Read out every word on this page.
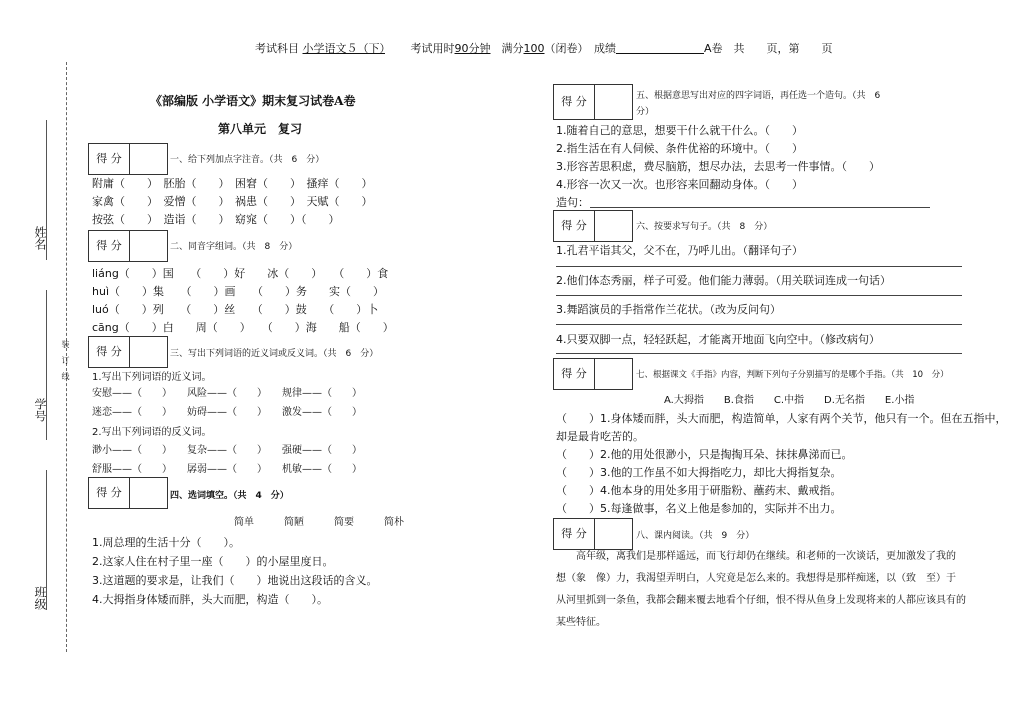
考试科目 小学语文５（下）　　 考试用时90分钟　 满分100（闭卷）　 成绩　　　　　　　　	A卷　共　　页，第　　页
姓名
学号
装　订　线
班级
《部编版 小学语文》期末复习试卷A卷
第八单元　复习
得 分	一、给下列加点字注音。（共　6　分）
附庸（　　）　胚胎（　　）　困窘（　　）　搔痒（　　）
家禽（　　）　爱憎（　　）　祸患（　　）　天赋（　　）
按弦（　　）　造诣（　　）　窈窕（　　）（　　）
得 分	二、同音字组词。（共　8　分）
liáng（　　）国　　（　　）好　　冰（　　）　　（　　）食
huì（　　）集　　（　　）画　　（　　）务　　实（　　）
luó（　　）列　　（　　）丝　　（　　）鼓　　（　　）卜
cāng（　　）白　　周（　　）　　（　　）海　　船（　　）
得 分	三、写出下列词语的近义词或反义词。（共　6　分）
1.写出下列词语的近义词。
安慰——（　　）　　风险——（　　）　　规律——（　　）
迷恋——（　　）　　妨碍——（　　）　　激发——（　　）
2.写出下列词语的反义词。
渺小——（　　）　　复杂——（　　）　　强硬——（　　）
舒服——（　　）　　孱弱——（　　）　　机敏——（　　）
得 分	四、选词填空。（共　4　分）
简单　　　简陋　　　简要　　　简朴
1.周总理的生活十分（　　）。
2.这家人住在村子里一座（　　）的小屋里度日。
3.这道题的要求是，让我们（　　）地说出这段话的含义。
4.大拇指身体矮而胖，头大而肥，构造（　　）。
得 分	五、根据意思写出对应的四字词语，再任选一个造句。（共　6
分）
1.随着自己的意思，想要干什么就干什么。（　　）
2.指生活在有人伺候、条件优裕的环境中。（　　）
3.形容苦思积虑，费尽脑筋，想尽办法，去思考一件事情。（　　）
4.形容一次又一次。也形容来回翻动身体。（　　）
造句：
得 分	六、按要求写句子。（共　8　分）
1.孔君平诣其父，父不在，乃呼儿出。（翻译句子）
2.他们体态秀丽，样子可爱。他们能力薄弱。（用关联词连成一句话）
3.舞蹈演员的手指常作兰花状。（改为反问句）
4.只要双脚一点，轻轻跃起，才能离开地面飞向空中。（修改病句）
得 分	七、根据课文《手指》内容，判断下列句子分别描写的是哪个手指。（共　10　分）
A.大拇指　　B.食指　　C.中指　　D.无名指　　E.小指
（　　）1.身体矮而胖，头大而肥，构造简单，人家有两个关节，他只有一个。但在五指中，
却是最肯吃苦的。
（　　）2.他的用处很渺小，只是掏掏耳朵、抹抹鼻涕而已。
（　　）3.他的工作虽不如大拇指吃力，却比大拇指复杂。
（　　）4.他本身的用处多用于研脂粉、蘸药末、戴戒指。
（　　）5.每逢做事，名义上他是参加的，实际并不出力。
得 分	八、课内阅读。（共　9　分）
　　高年级，离我们是那样遥远，而飞行却仍在继续。和老师的一次谈话，更加激发了我的
想（象　像）力，我渴望弄明白，人究竟是怎么来的。我想得是那样痴迷，以（致　至）于
从河里抓到一条鱼，我都会翻来覆去地看个仔细，恨不得从鱼身上发现将来的人都应该具有的
某些特征。
